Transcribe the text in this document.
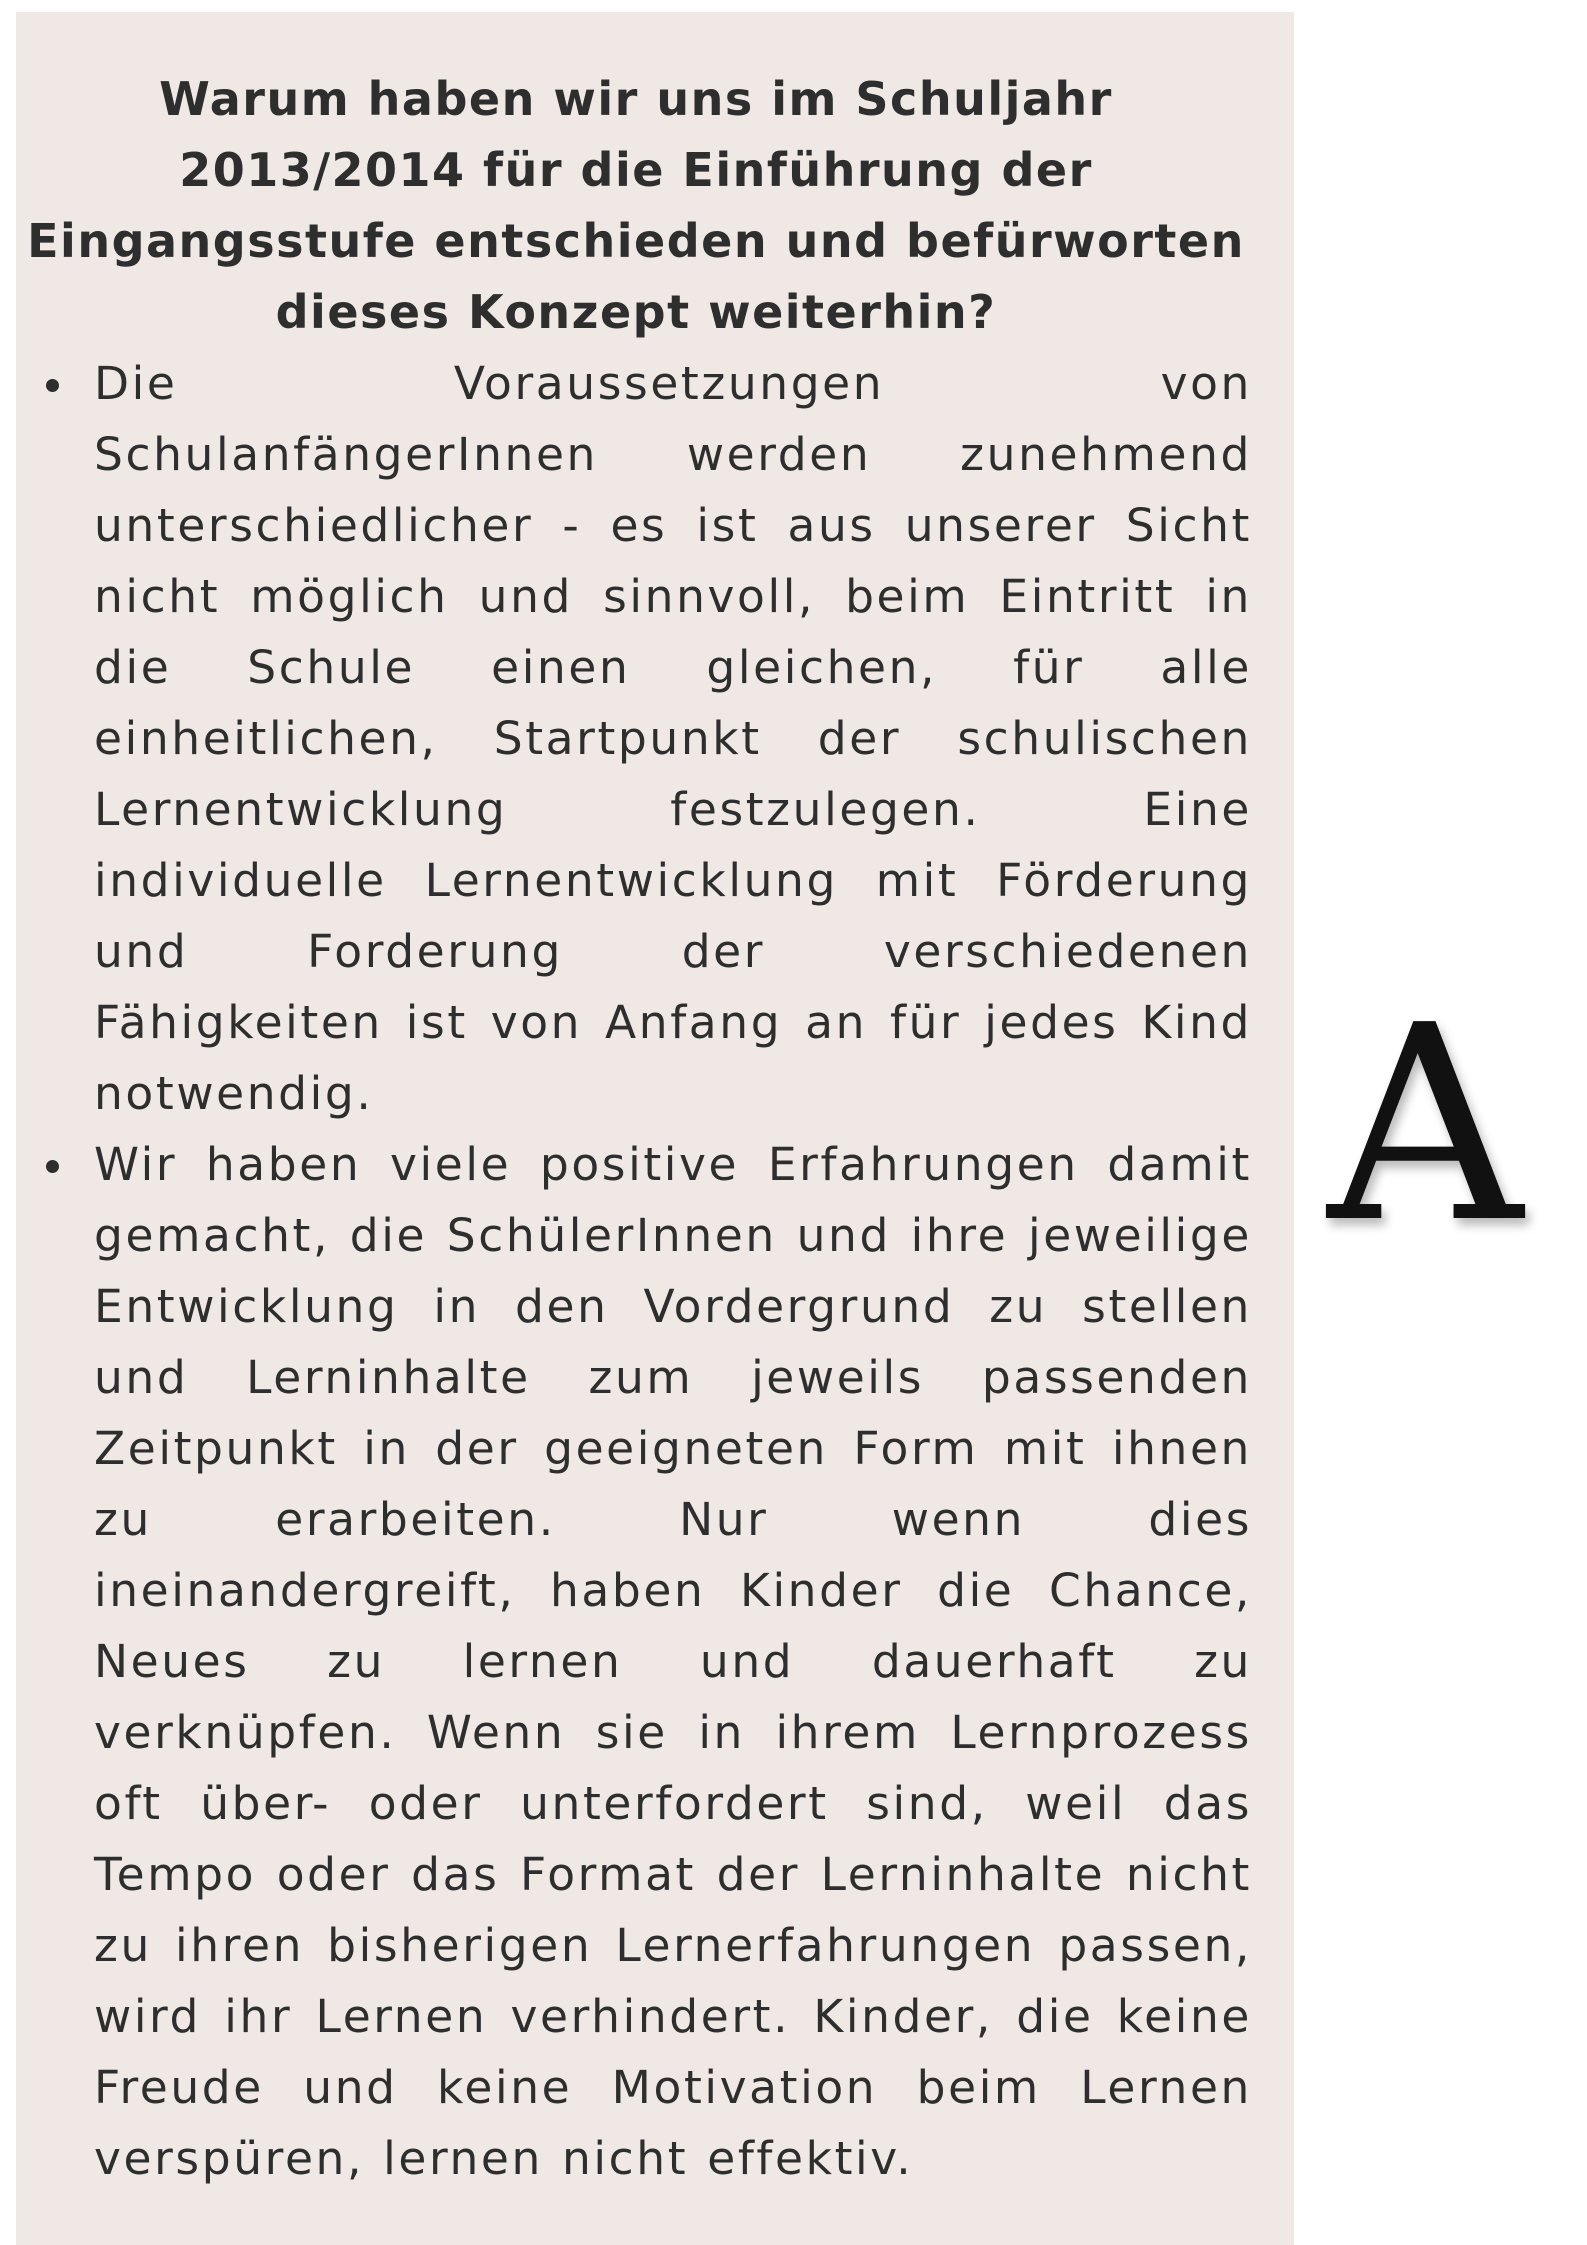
Warum haben wir uns im Schuljahr
2013/2014 für die Einführung der
Eingangsstufe entschieden und befürworten
dieses Konzept weiterhin?
Die Voraussetzungen von SchulanfängerInnen werden zunehmend unterschiedlicher - es ist aus unserer Sicht nicht möglich und sinnvoll, beim Eintritt in die Schule einen gleichen, für alle einheitlichen, Startpunkt der schulischen Lernentwicklung festzulegen. Eine individuelle Lernentwicklung mit Förderung und Forderung der verschiedenen Fähigkeiten ist von Anfang an für jedes Kind notwendig.
Wir haben viele positive Erfahrungen damit gemacht, die SchülerInnen und ihre jeweilige Entwicklung in den Vordergrund zu stellen und Lerninhalte zum jeweils passenden Zeitpunkt in der geeigneten Form mit ihnen zu erarbeiten. Nur wenn dies ineinandergreift, haben Kinder die Chance, Neues zu lernen und dauerhaft zu verknüpfen. Wenn sie in ihrem Lernprozess oft über- oder unterfordert sind, weil das Tempo oder das Format der Lerninhalte nicht zu ihren bisherigen Lernerfahrungen passen, wird ihr Lernen verhindert. Kinder, die keine Freude und keine Motivation beim Lernen verspüren, lernen nicht effektiv.
A
